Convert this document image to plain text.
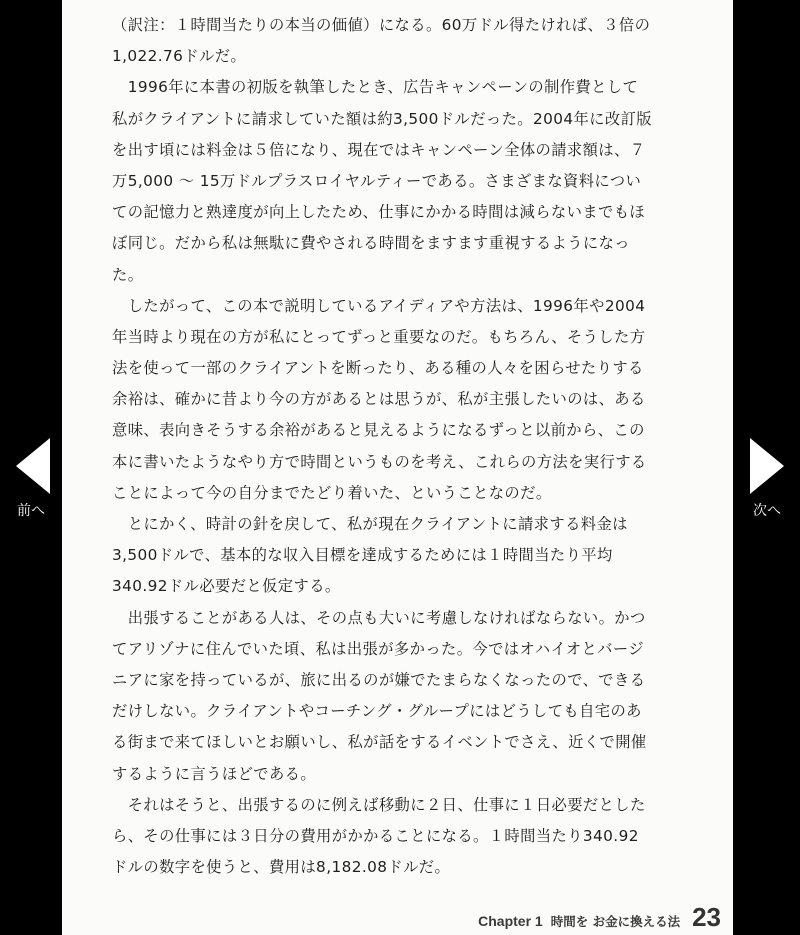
前へ
（訳注：１時間当たりの本当の価値）になる。60万ドル得たければ、３倍の
1,022.76ドルだ。
　1996年に本書の初版を執筆したとき、広告キャンペーンの制作費として
私がクライアントに請求していた額は約3,500ドルだった。2004年に改訂版
を出す頃には料金は５倍になり、現在ではキャンペーン全体の請求額は、７
万5,000 〜 15万ドルプラスロイヤルティーである。さまざまな資料につい
ての記憶力と熟達度が向上したため、仕事にかかる時間は減らないまでもほ
ぼ同じ。だから私は無駄に費やされる時間をますます重視するようになっ
た。
　したがって、この本で説明しているアイディアや方法は、1996年や2004
年当時より現在の方が私にとってずっと重要なのだ。もちろん、そうした方
法を使って一部のクライアントを断ったり、ある種の人々を困らせたりする
余裕は、確かに昔より今の方があるとは思うが、私が主張したいのは、ある
意味、表向きそうする余裕があると見えるようになるずっと以前から、この
本に書いたようなやり方で時間というものを考え、これらの方法を実行する
ことによって今の自分までたどり着いた、ということなのだ。
　とにかく、時計の針を戻して、私が現在クライアントに請求する料金は
3,500ドルで、基本的な収入目標を達成するためには１時間当たり平均
340.92ドル必要だと仮定する。
　出張することがある人は、その点も大いに考慮しなければならない。かつ
てアリゾナに住んでいた頃、私は出張が多かった。今ではオハイオとバージ
ニアに家を持っているが、旅に出るのが嫌でたまらなくなったので、できる
だけしない。クライアントやコーチング・グループにはどうしても自宅のあ
る街まで来てほしいとお願いし、私が話をするイベントでさえ、近くで開催
するように言うほどである。
　それはそうと、出張するのに例えば移動に２日、仕事に１日必要だとした
ら、その仕事には３日分の費用がかかることになる。１時間当たり340.92
ドルの数字を使うと、費用は8,182.08ドルだ。
Chapter 1 時間を お金に換える法 23
次へ
